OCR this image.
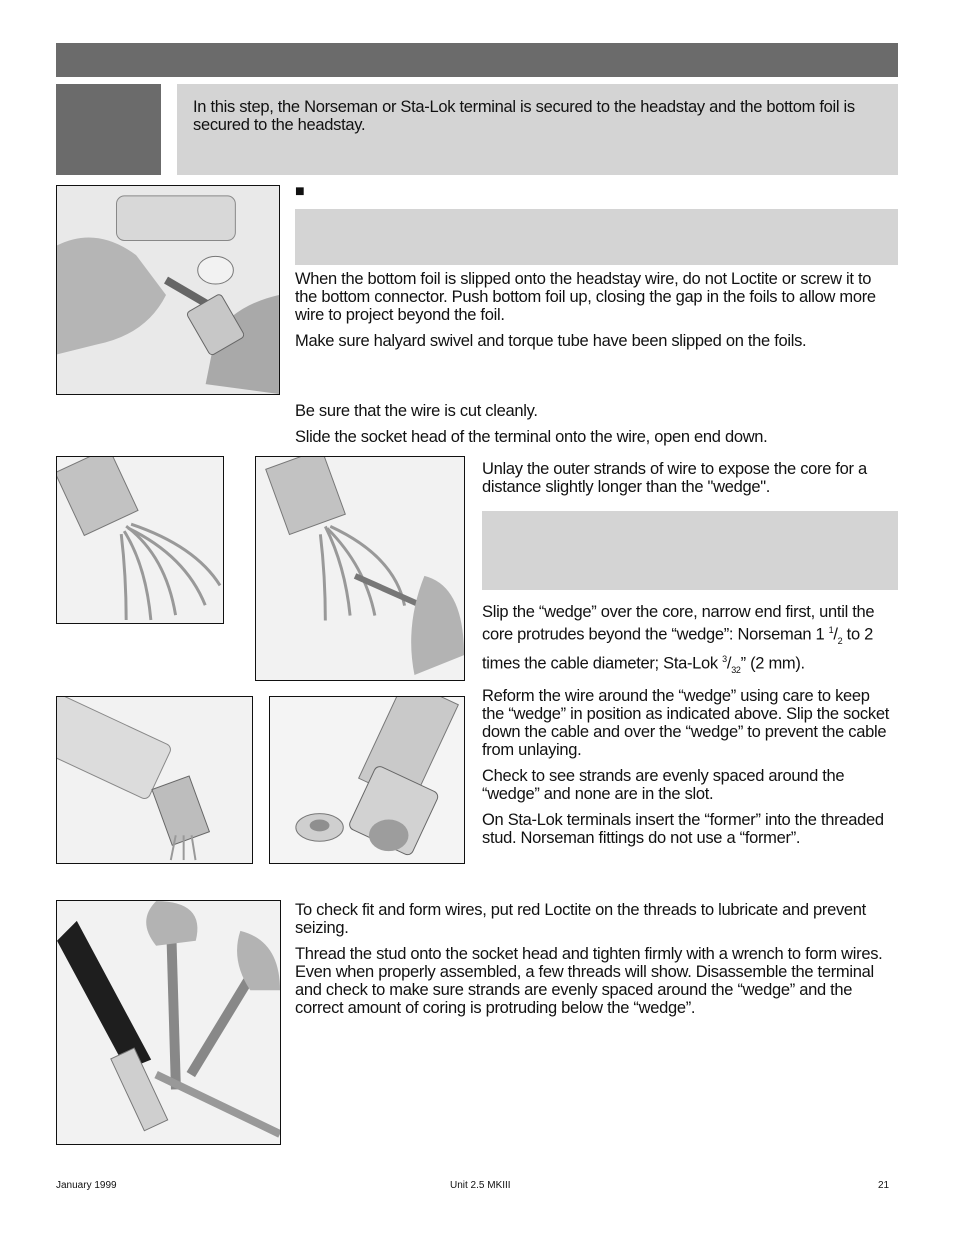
In this step, the Norseman or Sta-Lok terminal is secured to the headstay and the bottom foil is secured to the headstay.
■

When the bottom foil is slipped onto the headstay wire, do not Loctite or screw it to the bottom connector. Push bottom foil up, closing the gap in the foils to allow more wire to project beyond the foil.

Make sure halyard swivel and torque tube have been slipped on the foils.

Be sure that the wire is cut cleanly.

Slide the socket head of the terminal onto the wire, open end down.

Unlay the outer strands of wire to expose the core for a distance slightly longer than the "wedge".

Slip the “wedge” over the core, narrow end first, until the core protrudes beyond the “wedge”: Norseman 1 $^1/_2$ to 2 times the cable diameter; Sta-Lok $^3/_{32}$” (2 mm).

Reform the wire around the “wedge” using care to keep the “wedge” in position as indicated above. Slip the socket down the cable and over the “wedge” to prevent the cable from unlaying.

Check to see strands are evenly spaced around the “wedge” and none are in the slot.

On Sta-Lok terminals insert the “former” into the threaded stud. Norseman fittings do not use a “former”.

To check fit and form wires, put red Loctite on the threads to lubricate and prevent seizing.

Thread the stud onto the socket head and tighten firmly with a wrench to form wires. Even when properly assembled, a few threads will show. Disassemble the terminal and check to make sure strands are evenly spaced around the “wedge” and the correct amount of coring is protruding below the “wedge”.

January 1999	Unit 2.5 MKIII	21
